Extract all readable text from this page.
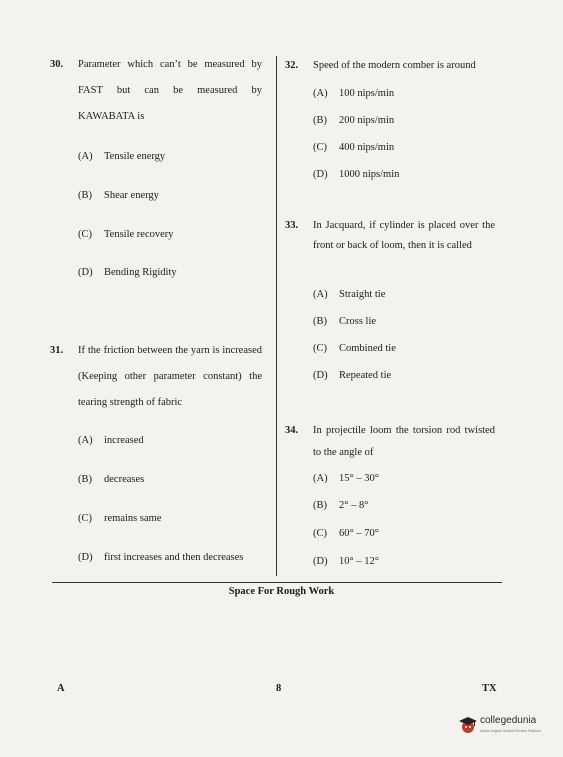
30. Parameter which can’t be measured by FAST but can be measured by KAWABATA is
(A) Tensile energy
(B) Shear energy
(C) Tensile recovery
(D) Bending Rigidity
31. If the friction between the yarn is increased (Keeping other parameter constant) the tearing strength of fabric
(A) increased
(B) decreases
(C) remains same
(D) first increases and then decreases
32. Speed of the modern comber is around
(A) 100 nips/min
(B) 200 nips/min
(C) 400 nips/min
(D) 1000 nips/min
33. In Jacquard, if cylinder is placed over the front or back of loom, then it is called
(A) Straight tie
(B) Cross lie
(C) Combined tie
(D) Repeated tie
34. In projectile loom the torsion rod twisted to the angle of
(A) 15° – 30°
(B) 2° – 8°
(C) 60° – 70°
(D) 10° – 12°
Space For Rough Work
A	8	TX
collegedunia
India's largest Student Review Platform
